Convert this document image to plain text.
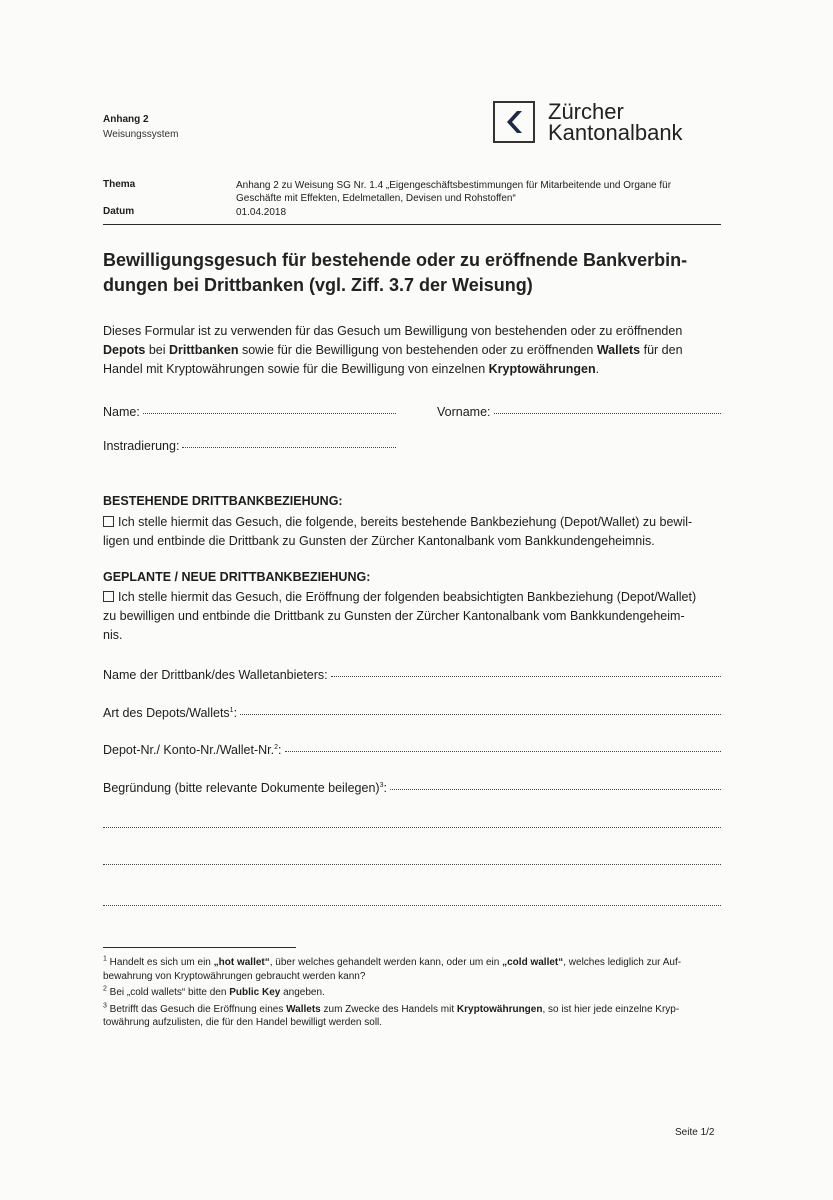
Anhang 2
Weisungssystem
Zürcher
Kantonalbank
Thema	Anhang 2 zu Weisung SG Nr. 1.4 „Eigengeschäftsbestimmungen für Mitarbeitende und Organe für
Geschäfte mit Effekten, Edelmetallen, Devisen und Rohstoffen“
Datum	01.04.2018
Bewilligungsgesuch für bestehende oder zu eröffnende Bankverbin-
dungen bei Drittbanken (vgl. Ziff. 3.7 der Weisung)
Dieses Formular ist zu verwenden für das Gesuch um Bewilligung von bestehenden oder zu eröffnenden
Depots bei Drittbanken sowie für die Bewilligung von bestehenden oder zu eröffnenden Wallets für den
Handel mit Kryptowährungen sowie für die Bewilligung von einzelnen Kryptowährungen.
Name:	Vorname:
Instradierung:
BESTEHENDE DRITTBANKBEZIEHUNG:
Ich stelle hiermit das Gesuch, die folgende, bereits bestehende Bankbeziehung (Depot/Wallet) zu bewil-
ligen und entbinde die Drittbank zu Gunsten der Zürcher Kantonalbank vom Bankkundengeheimnis.
GEPLANTE / NEUE DRITTBANKBEZIEHUNG:
Ich stelle hiermit das Gesuch, die Eröffnung der folgenden beabsichtigten Bankbeziehung (Depot/Wallet)
zu bewilligen und entbinde die Drittbank zu Gunsten der Zürcher Kantonalbank vom Bankkundengeheim-
nis.
Name der Drittbank/des Walletanbieters:
Art des Depots/Wallets$^1$:
Depot-Nr./ Konto-Nr./Wallet-Nr.$^2$:
Begründung (bitte relevante Dokumente beilegen)$^3$:
$^1$ Handelt es sich um ein „hot wallet“, über welches gehandelt werden kann, oder um ein „cold wallet“, welches lediglich zur Auf-
bewahrung von Kryptowährungen gebraucht werden kann?
$^2$ Bei „cold wallets“ bitte den Public Key angeben.
$^3$ Betrifft das Gesuch die Eröffnung eines Wallets zum Zwecke des Handels mit Kryptowährungen, so ist hier jede einzelne Kryp-
towährung aufzulisten, die für den Handel bewilligt werden soll.
Seite 1/2
